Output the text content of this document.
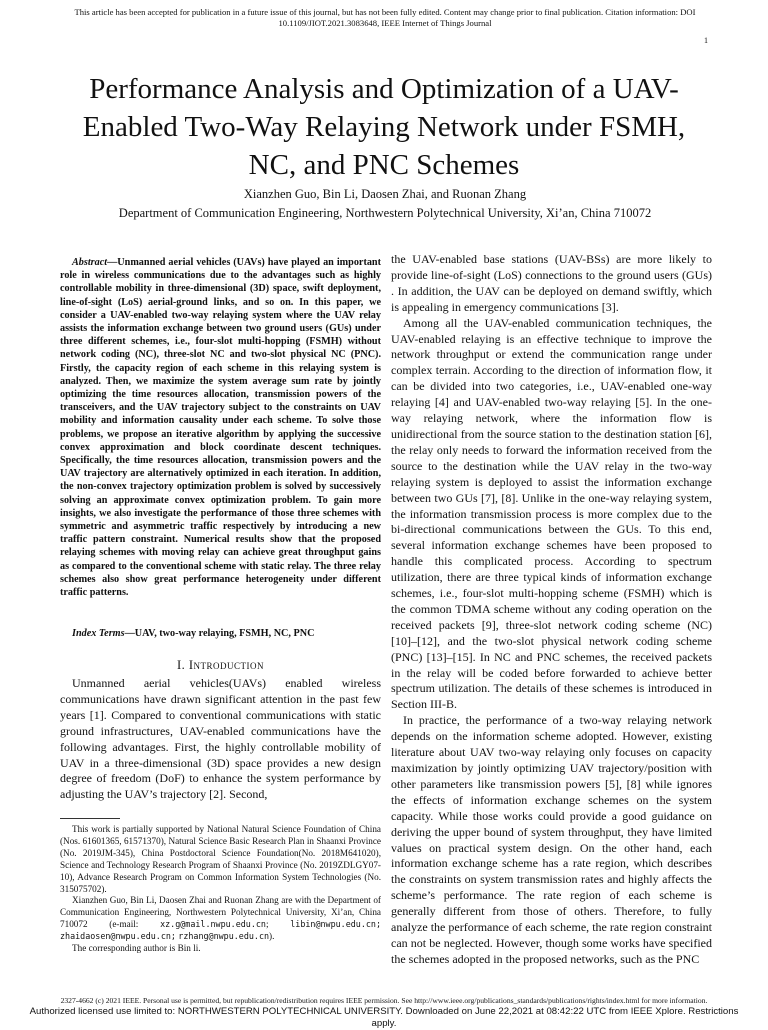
This article has been accepted for publication in a future issue of this journal, but has not been fully edited. Content may change prior to final publication. Citation information: DOI 10.1109/JIOT.2021.3083648, IEEE Internet of Things Journal
1
Performance Analysis and Optimization of a UAV-Enabled Two-Way Relaying Network under FSMH, NC, and PNC Schemes
Xianzhen Guo, Bin Li, Daosen Zhai, and Ruonan Zhang
Department of Communication Engineering, Northwestern Polytechnical University, Xi’an, China 710072
Abstract—Unmanned aerial vehicles (UAVs) have played an important role in wireless communications due to the advantages such as highly controllable mobility in three-dimensional (3D) space, swift deployment, line-of-sight (LoS) aerial-ground links, and so on. In this paper, we consider a UAV-enabled two-way relaying system where the UAV relay assists the information exchange between two ground users (GUs) under three different schemes, i.e., four-slot multi-hopping (FSMH) without network coding (NC), three-slot NC and two-slot physical NC (PNC). Firstly, the capacity region of each scheme in this relaying system is analyzed. Then, we maximize the system average sum rate by jointly optimizing the time resources allocation, transmission powers of the transceivers, and the UAV trajectory subject to the constraints on UAV mobility and information causality under each scheme. To solve those problems, we propose an iterative algorithm by applying the successive convex approximation and block coordinate descent techniques. Specifically, the time resources allocation, transmission powers and the UAV trajectory are alternatively optimized in each iteration. In addition, the non-convex trajectory optimization problem is solved by successively solving an approximate convex optimization problem. To gain more insights, we also investigate the performance of those three schemes with symmetric and asymmetric traffic respectively by introducing a new traffic pattern constraint. Numerical results show that the proposed relaying schemes with moving relay can achieve great throughput gains as compared to the conventional scheme with static relay. The three relay schemes also show great performance heterogeneity under different traffic patterns.
Index Terms—UAV, two-way relaying, FSMH, NC, PNC
I. Introduction

Unmanned aerial vehicles(UAVs) enabled wireless communications have drawn significant attention in the past few years [1]. Compared to conventional communications with static ground infrastructures, UAV-enabled communications have the following advantages. First, the highly controllable mobility of UAV in a three-dimensional (3D) space provides a new design degree of freedom (DoF) to enhance the system performance by adjusting the UAV’s trajectory [2]. Second,

This work is partially supported by National Natural Science Foundation of China (Nos. 61601365, 61571370), Natural Science Basic Research Plan in Shaanxi Province (No. 2019JM-345), China Postdoctoral Science Foundation(No. 2018M641020), Science and Technology Research Program of Shaanxi Province (No. 2019ZDLGY07-10), Advance Research Program on Common Information System Technologies (No. 315075702).

Xianzhen Guo, Bin Li, Daosen Zhai and Ruonan Zhang are with the Department of Communication Engineering, Northwestern Polytechnical University, Xi’an, China 710072 (e-mail:	xz.g@mail.nwpu.edu.cn; libin@nwpu.edu.cn; zhaidaosen@nwpu.edu.cn; rzhang@nwpu.edu.cn).

The corresponding author is Bin li.

the UAV-enabled base stations (UAV-BSs) are more likely to provide line-of-sight (LoS) connections to the ground users (GUs) . In addition, the UAV can be deployed on demand swiftly, which is appealing in emergency communications [3].

Among all the UAV-enabled communication techniques, the UAV-enabled relaying is an effective technique to improve the network throughput or extend the communication range under complex terrain. According to the direction of information flow, it can be divided into two categories, i.e., UAV-enabled one-way relaying [4] and UAV-enabled two-way relaying [5]. In the one-way relaying network, where the information flow is unidirectional from the source station to the destination station [6], the relay only needs to forward the information received from the source to the destination while the UAV relay in the two-way relaying system is deployed to assist the information exchange between two GUs [7], [8]. Unlike in the one-way relaying system, the information transmission process is more complex due to the bi-directional communications between the GUs. To this end, several information exchange schemes have been proposed to handle this complicated process. According to spectrum utilization, there are three typical kinds of information exchange schemes, i.e., four-slot multi-hopping scheme (FSMH) which is the common TDMA scheme without any coding operation on the received packets [9], three-slot network coding scheme (NC) [10]–[12], and the two-slot physical network coding scheme (PNC) [13]–[15]. In NC and PNC schemes, the received packets in the relay will be coded before forwarded to achieve better spectrum utilization. The details of these schemes is introduced in Section III-B.

In practice, the performance of a two-way relaying network depends on the information scheme adopted. However, existing literature about UAV two-way relaying only focuses on capacity maximization by jointly optimizing UAV trajectory/position with other parameters like transmission powers [5], [8] while ignores the effects of information exchange schemes on the system capacity. While those works could provide a good guidance on deriving the upper bound of system throughput, they have limited values on practical system design. On the other hand, each information exchange scheme has a rate region, which describes the constraints on system transmission rates and highly affects the scheme’s performance. The rate region of each scheme is generally different from those of others. Therefore, to fully analyze the performance of each scheme, the rate region constraint can not be neglected. However, though some works have specified the schemes adopted in the proposed networks, such as the PNC

2327-4662 (c) 2021 IEEE. Personal use is permitted, but republication/redistribution requires IEEE permission. See http://www.ieee.org/publications_standards/publications/rights/index.html for more information.
Authorized licensed use limited to: NORTHWESTERN POLYTECHNICAL UNIVERSITY. Downloaded on June 22,2021 at 08:42:22 UTC from IEEE Xplore. Restrictions apply.
